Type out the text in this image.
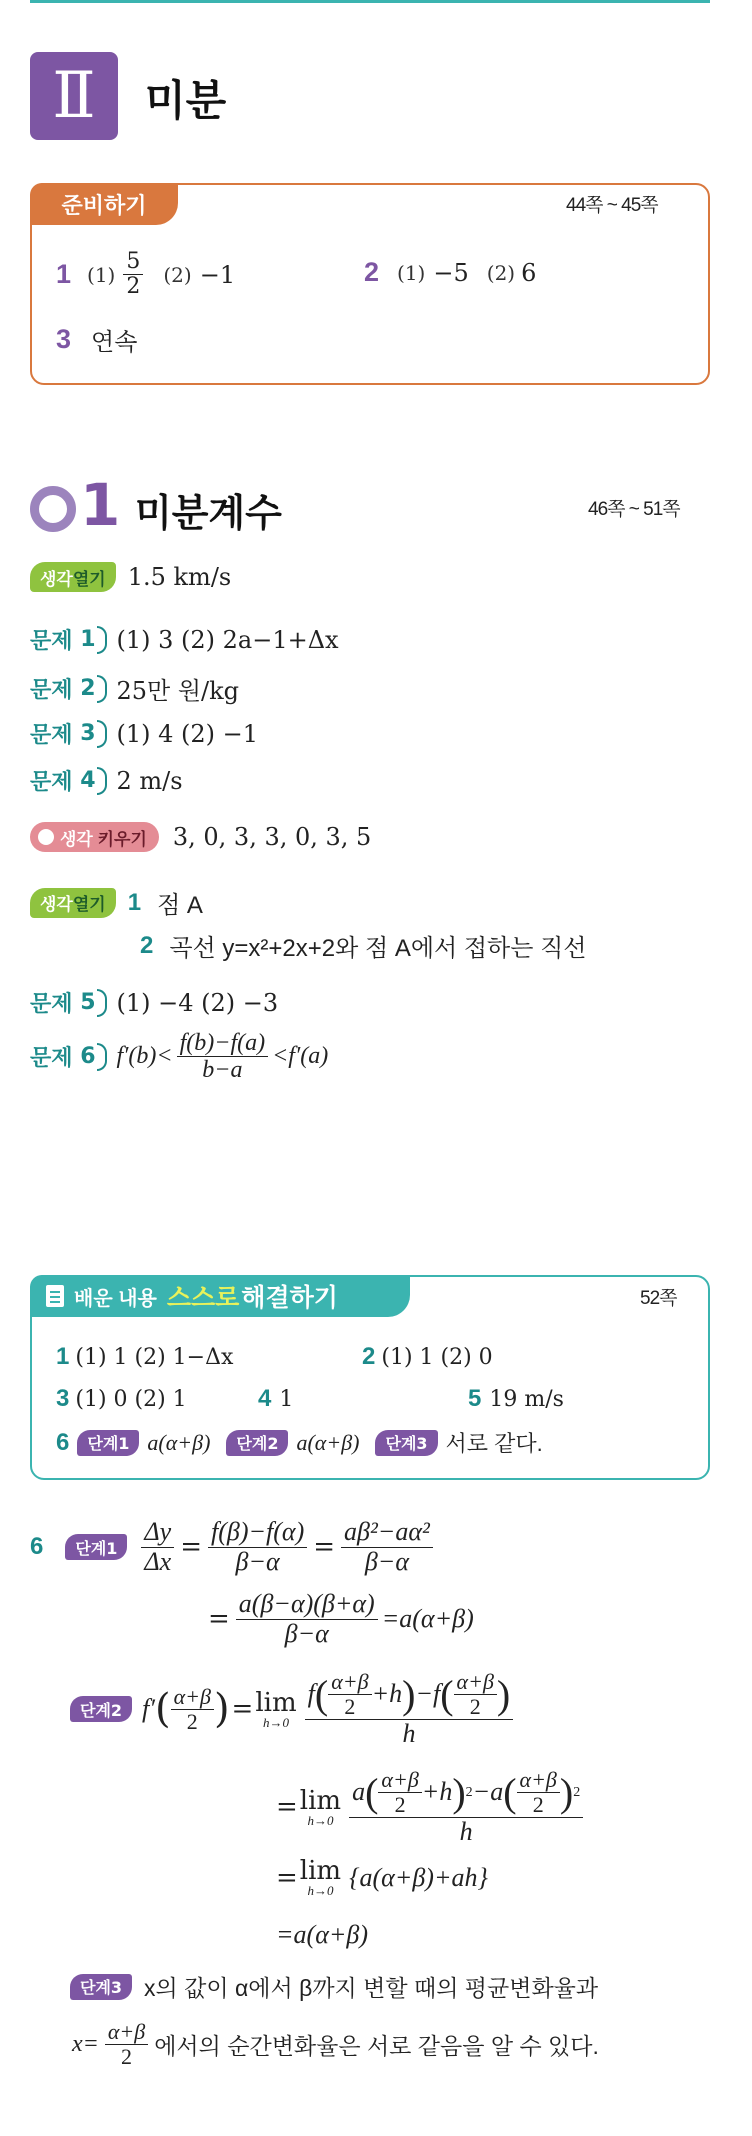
Ⅱ 미분
준비하기	44쪽 ~ 45쪽
1 $(1) \frac{5}{2} (2) -1$	2 (1) −5 (2) 6
3 연속
1 미분계수	46쪽 ~ 51쪽
생각 열기 1.5 km/s
문제
1 (1) 3 (2) 2a−1+Δx
문제
2 25만 원/kg
문제
3 (1) 4 (2) −1
문제
4 2 m/s
생각
키우기 3, 0, 3, 3, 0, 3, 5
생각 열기 1 점 A
2 곡선 y=x²+2x+2와 점 A에서 접하는 직선
문제
5 (1) −4 (2) −3
문제
6 $f'(b)< \frac{f(b)-f(a)}{b-a} <f'(a)$
배운 내용 스스로 해결하기	52쪽
1 (1) 1 (2) 1−Δx	2 (1) 1 (2) 0
3 (1) 0 (2) 1	4 1	5 19 m/s
6	단계1 a(α+β)	단계2 a(α+β)	단계3 서로 같다.
6	단계$1 \frac{\Delta y}{\Delta x} = \frac{f(\beta)-f(\alpha)}{\beta-\alpha} = \frac{\text{aβ²−aα²}}{\beta-\alpha}$
= $\frac{a(\beta-\alpha)(\beta+\alpha)}{\beta-\alpha} =a(\alpha+\beta)$
단계2 f′ ( $\frac{\alpha+\beta}{2}$ ) = lim
$h\to 0 \frac{f ( \frac{\alpha+\beta}{2} +h ) -f ( \frac{\alpha+\beta}{2} )}{h}$
= lim
$h\to 0 \frac{a ( \frac{\alpha+\beta}{2} +h ) 2 -a ( \frac{\alpha+\beta}{2} ) 2}{h}$
= lim
h→0 {a(α+β)+ah}
=a(α+β)
단계3 x의 값이 α에서 β까지 변할 때의 평균변화율과
$x= \frac{\alpha+\beta}{2}$ 에서의 순간변화율은 서로 같음을 알 수 있다.
